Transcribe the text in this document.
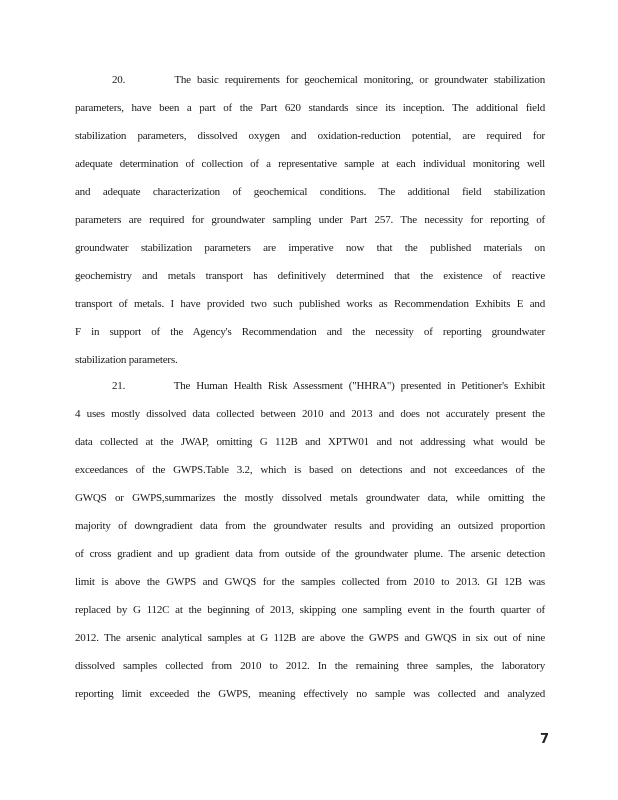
20.	The basic requirements for geochemical monitoring, or groundwater stabilization
parameters, have been a part of the Part 620 standards since its inception. The additional field
stabilization parameters, dissolved oxygen and oxidation-reduction potential, are required for
adequate determination of collection of a representative sample at each individual monitoring well
and adequate characterization of geochemical conditions. The additional field stabilization
parameters are required for groundwater sampling under Part 257. The necessity for reporting of
groundwater stabilization parameters are imperative now that the published materials on
geochemistry and metals transport has definitively determined that the existence of reactive
transport of metals. I have provided two such published works as Recommendation Exhibits E and
F in support of the Agency's Recommendation and the necessity of reporting groundwater
stabilization parameters.
21.	The Human Health Risk Assessment ("HHRA") presented in Petitioner's Exhibit
4 uses mostly dissolved data collected between 2010 and 2013 and does not accurately present the
data collected at the JWAP, omitting G 112B and XPTW01 and not addressing what would be
exceedances of the GWPS.Table 3.2, which is based on detections and not exceedances of the
GWQS or GWPS,summarizes the mostly dissolved metals groundwater data, while omitting the
majority of downgradient data from the groundwater results and providing an outsized proportion
of cross gradient and up gradient data from outside of the groundwater plume. The arsenic detection
limit is above the GWPS and GWQS for the samples collected from 2010 to 2013. GI 12B was
replaced by G 112C at the beginning of 2013, skipping one sampling event in the fourth quarter of
2012. The arsenic analytical samples at G 112B are above the GWPS and GWQS in six out of nine
dissolved samples collected from 2010 to 2012. In the remaining three samples, the laboratory
reporting limit exceeded the GWPS, meaning effectively no sample was collected and analyzed
7
